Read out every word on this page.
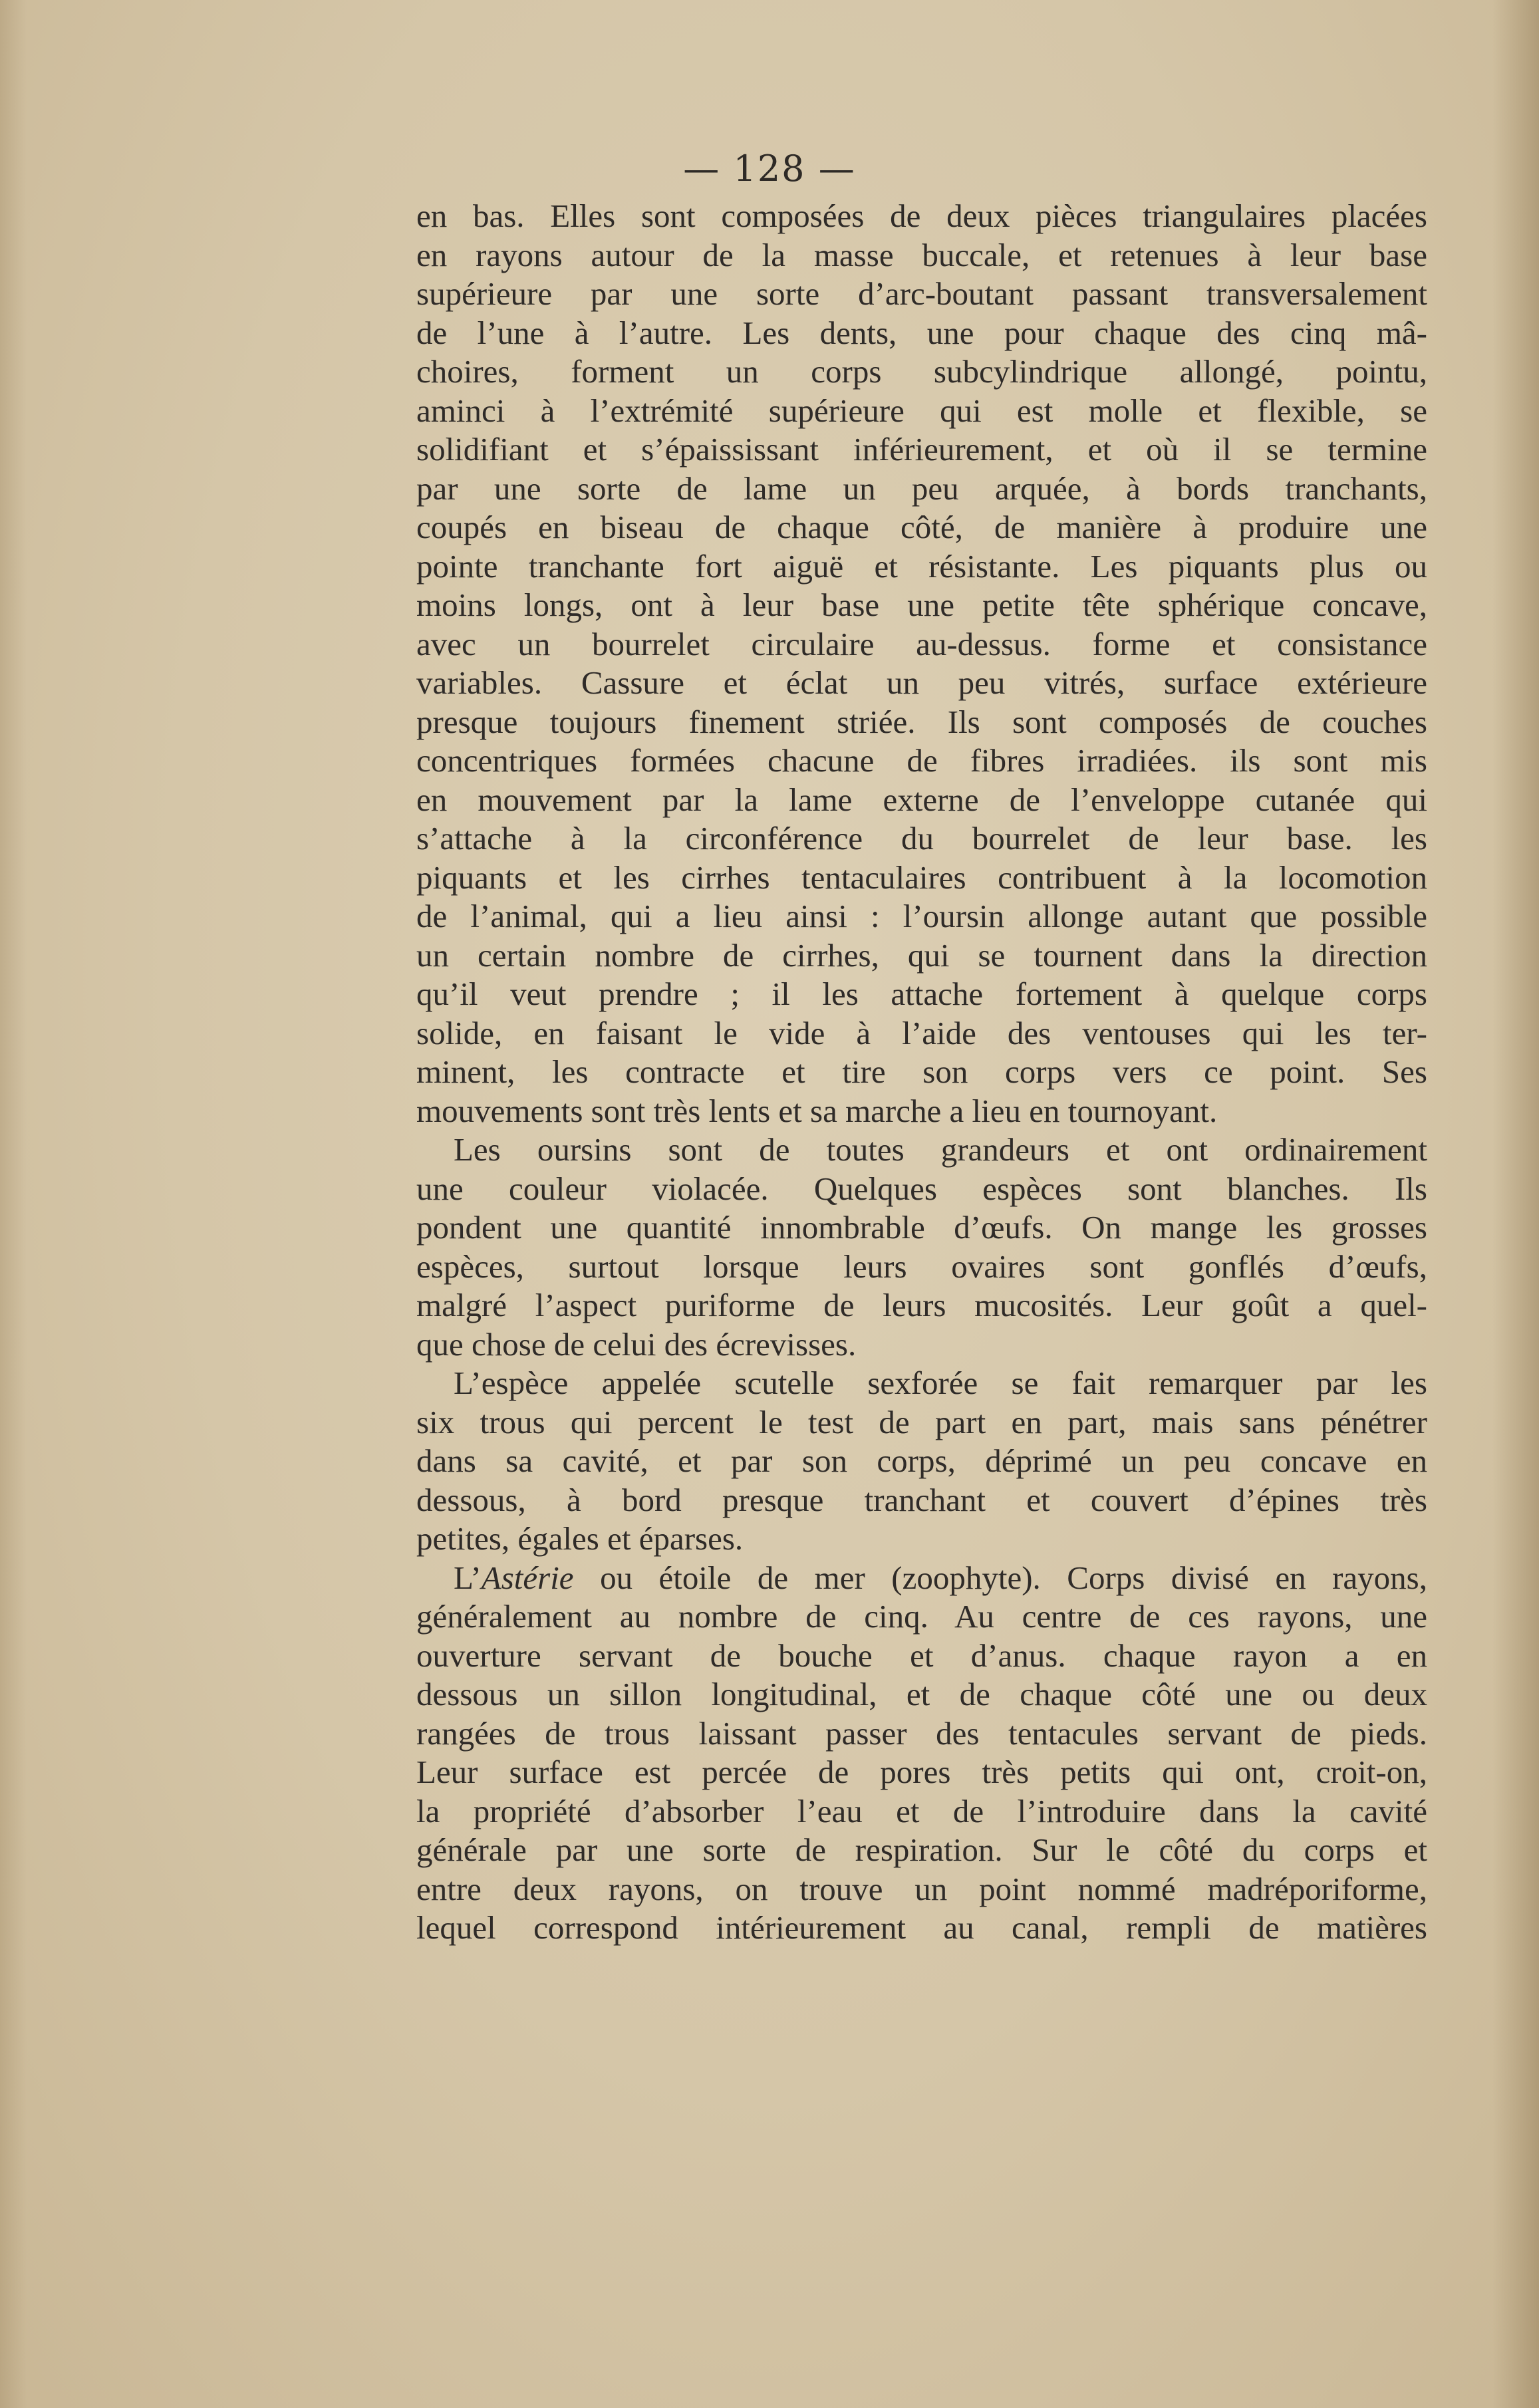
— 128 —
en bas. Elles sont composées de deux pièces triangulaires placées
en rayons autour de la masse buccale, et retenues à leur base
supérieure par une sorte d’arc-boutant passant transversalement
de l’une à l’autre. Les dents, une pour chaque des cinq mâ-
choires, forment un corps subcylindrique allongé, pointu,
aminci à l’extrémité supérieure qui est molle et flexible, se
solidifiant et s’épaississant inférieurement, et où il se termine
par une sorte de lame un peu arquée, à bords tranchants,
coupés en biseau de chaque côté, de manière à produire une
pointe tranchante fort aiguë et résistante. Les piquants plus ou
moins longs, ont à leur base une petite tête sphérique concave,
avec un bourrelet circulaire au-dessus. forme et consistance
variables. Cassure et éclat un peu vitrés, surface extérieure
presque toujours finement striée. Ils sont composés de couches
concentriques formées chacune de fibres irradiées. ils sont mis
en mouvement par la lame externe de l’enveloppe cutanée qui
s’attache à la circonférence du bourrelet de leur base. les
piquants et les cirrhes tentaculaires contribuent à la locomotion
de l’animal, qui a lieu ainsi : l’oursin allonge autant que possible
un certain nombre de cirrhes, qui se tournent dans la direction
qu’il veut prendre ; il les attache fortement à quelque corps
solide, en faisant le vide à l’aide des ventouses qui les ter-
minent, les contracte et tire son corps vers ce point. Ses
mouvements sont très lents et sa marche a lieu en tournoyant.
Les oursins sont de toutes grandeurs et ont ordinairement
une couleur violacée. Quelques espèces sont blanches. Ils
pondent une quantité innombrable d’œufs. On mange les grosses
espèces, surtout lorsque leurs ovaires sont gonflés d’œufs,
malgré l’aspect puriforme de leurs mucosités. Leur goût a quel-
que chose de celui des écrevisses.
L’espèce appelée scutelle sexforée se fait remarquer par les
six trous qui percent le test de part en part, mais sans pénétrer
dans sa cavité, et par son corps, déprimé un peu concave en
dessous, à bord presque tranchant et couvert d’épines très
petites, égales et éparses.
L’Astérie ou étoile de mer (zoophyte). Corps divisé en rayons,
généralement au nombre de cinq. Au centre de ces rayons, une
ouverture servant de bouche et d’anus. chaque rayon a en
dessous un sillon longitudinal, et de chaque côté une ou deux
rangées de trous laissant passer des tentacules servant de pieds.
Leur surface est percée de pores très petits qui ont, croit-on,
la propriété d’absorber l’eau et de l’introduire dans la cavité
générale par une sorte de respiration. Sur le côté du corps et
entre deux rayons, on trouve un point nommé madréporiforme,
lequel correspond intérieurement au canal, rempli de matières
